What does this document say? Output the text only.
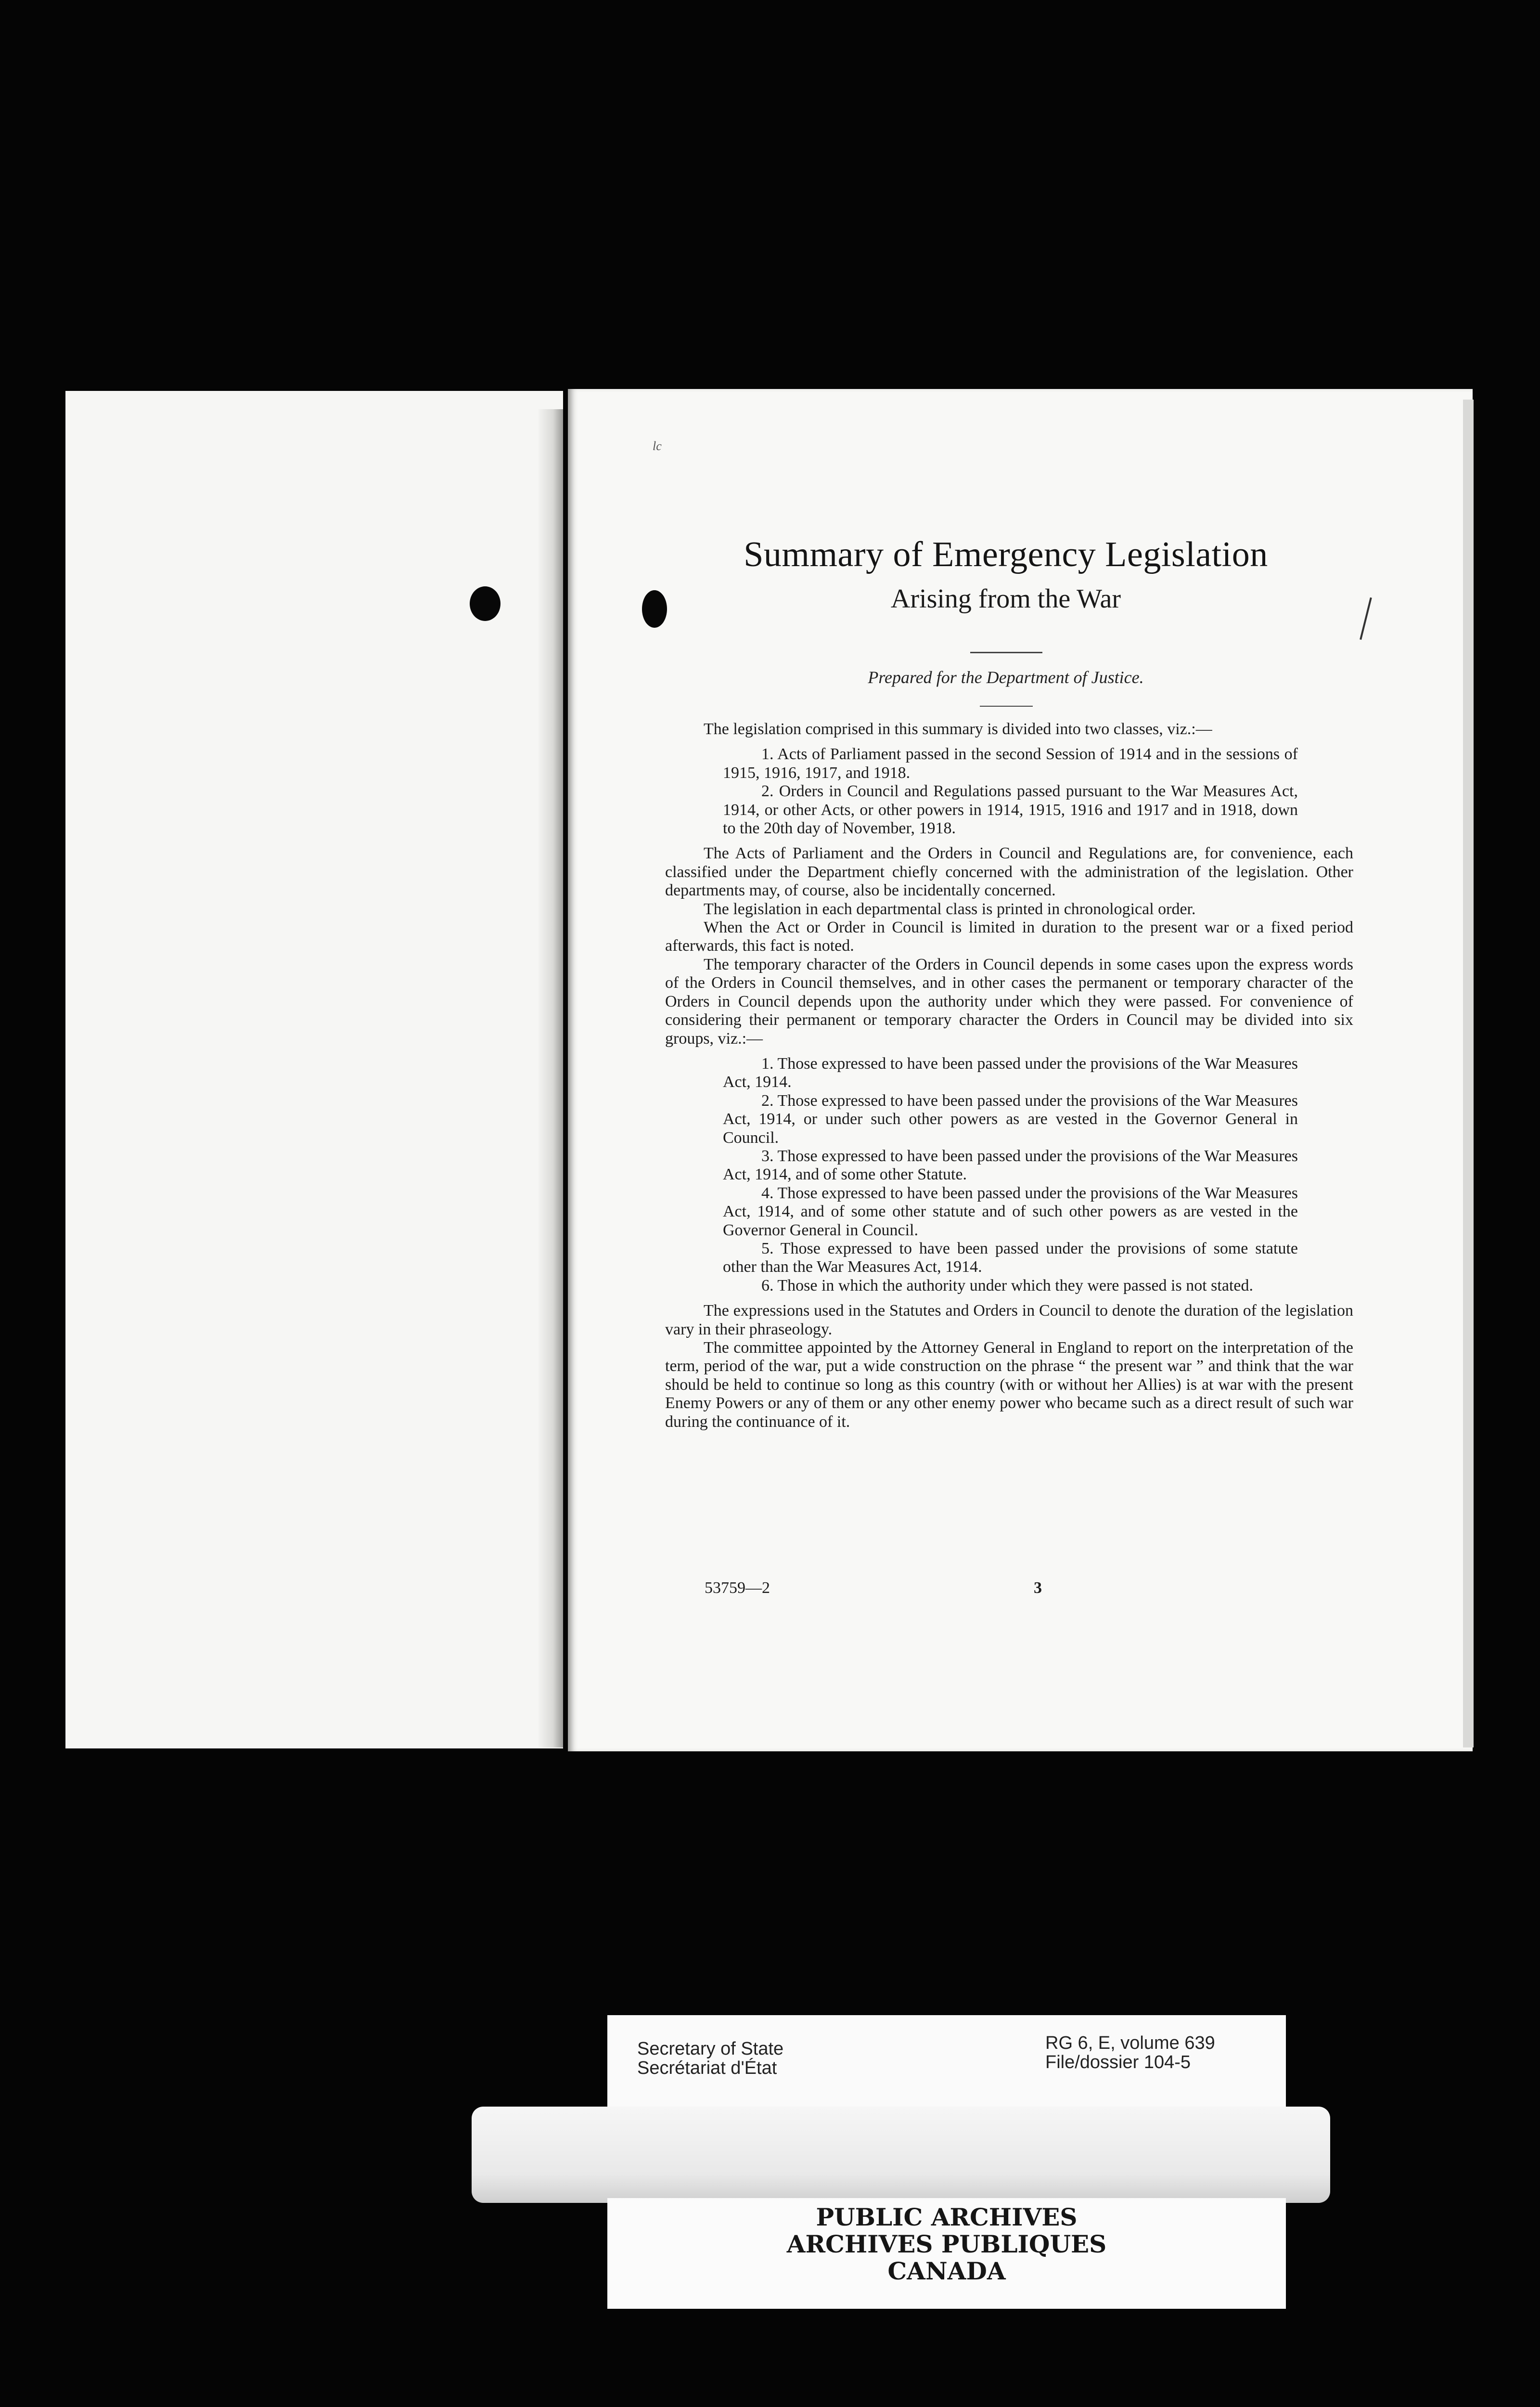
lc
Summary of Emergency Legislation
Arising from the War
Prepared for the Department of Justice.

The legislation comprised in this summary is divided into two classes, viz.:—

1. Acts of Parliament passed in the second Session of 1914 and in the sessions of 1915, 1916, 1917, and 1918.

2. Orders in Council and Regulations passed pursuant to the War Measures Act, 1914, or other Acts, or other powers in 1914, 1915, 1916 and 1917 and in 1918, down to the 20th day of November, 1918.

The Acts of Parliament and the Orders in Council and Regulations are, for convenience, each classified under the Department chiefly concerned with the administration of the legislation. Other departments may, of course, also be incidentally concerned.

The legislation in each departmental class is printed in chronological order.

When the Act or Order in Council is limited in duration to the present war or a fixed period afterwards, this fact is noted.

The temporary character of the Orders in Council depends in some cases upon the express words of the Orders in Council themselves, and in other cases the permanent or temporary character of the Orders in Council depends upon the authority under which they were passed. For convenience of considering their permanent or temporary character the Orders in Council may be divided into six groups, viz.:—

1. Those expressed to have been passed under the provisions of the War Measures Act, 1914.

2. Those expressed to have been passed under the provisions of the War Measures Act, 1914, or under such other powers as are vested in the Governor General in Council.

3. Those expressed to have been passed under the provisions of the War Measures Act, 1914, and of some other Statute.

4. Those expressed to have been passed under the provisions of the War Measures Act, 1914, and of some other statute and of such other powers as are vested in the Governor General in Council.

5. Those expressed to have been passed under the provisions of some statute other than the War Measures Act, 1914.

6. Those in which the authority under which they were passed is not stated.

The expressions used in the Statutes and Orders in Council to denote the duration of the legislation vary in their phraseology.

The committee appointed by the Attorney General in England to report on the interpretation of the term, period of the war, put a wide construction on the phrase “ the present war ” and think that the war should be held to continue so long as this country (with or without her Allies) is at war with the present Enemy Powers or any of them or any other enemy power who became such as a direct result of such war during the continuance of it.

53759—2	3
Secretary of State
Secrétariat d'État
RG 6, E, volume 639
File/dossier 104-5
PUBLIC ARCHIVES
ARCHIVES PUBLIQUES
CANADA
